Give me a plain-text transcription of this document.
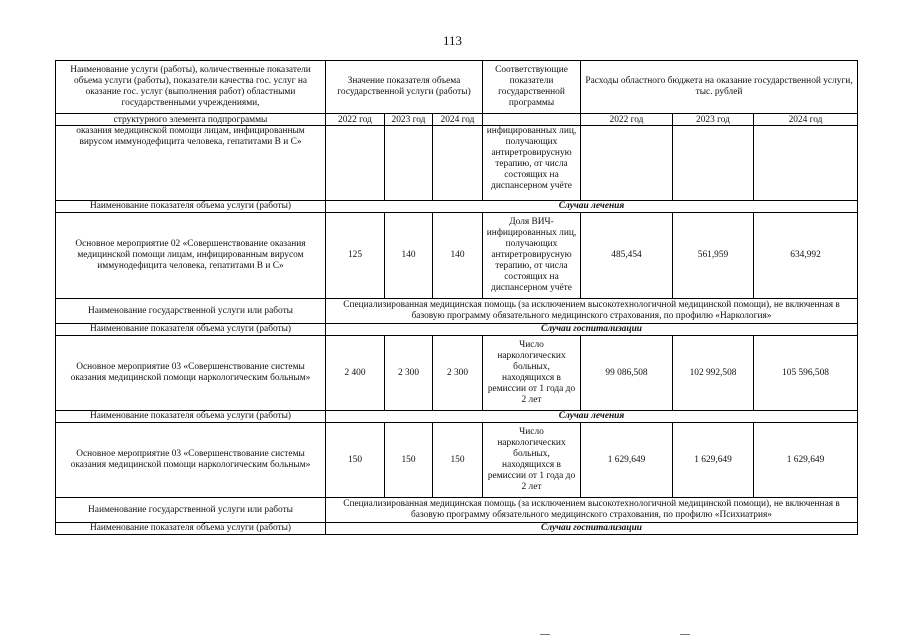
113
Наименование услуги (работы), количественные показатели объема услуги (работы), показатели качества гос. услуг на оказание гос. услуг (выполнения работ) областными государственными учреждениями,	Значение показателя объема государственной услуги (работы)			Соответствующие показатели государственной программы	Расходы областного бюджета на оказание государственной услуги, тыс. рублей		
структурного элемента подпрограммы	2022 год	2023 год	2024 год		2022 год	2023 год	2024 год
оказания медицинской помощи лицам, инфицированным вирусом иммунодефицита человека, гепатитами В и С»				инфицированных лиц, получающих антиретровирусную терапию, от числа состоящих на диспансерном учёте			
Наименование показателя объема услуги (работы)	Случаи лечения						
Основное мероприятие 02 «Совершенствование оказания медицинской помощи лицам, инфицированным вирусом иммунодефицита человека, гепатитами В и С»	125	140	140	Доля ВИЧ-инфицированных лиц, получающих антиретровирусную терапию, от числа состоящих на диспансерном учёте	485,454	561,959	634,992
Наименование государственной услуги или работы	Специализированная медицинская помощь (за исключением высокотехнологичной медицинской помощи), не включенная в базовую программу обязательного медицинского страхования, по профилю «Наркология»						
Наименование показателя объема услуги (работы)	Случаи госпитализации						
Основное мероприятие 03 «Совершенствование системы оказания медицинской помощи наркологическим больным»	2 400	2 300	2 300	Число наркологических больных, находящихся в ремиссии от 1 года до 2 лет	99 086,508	102 992,508	105 596,508
Наименование показателя объема услуги (работы)	Случаи лечения						
Основное мероприятие 03 «Совершенствование системы оказания медицинской помощи наркологическим больным»	150	150	150	Число наркологических больных, находящихся в ремиссии от 1 года до 2 лет	1 629,649	1 629,649	1 629,649
Наименование государственной услуги или работы	Специализированная медицинская помощь (за исключением высокотехнологичной медицинской помощи), не включенная в базовую программу обязательного медицинского страхования, по профилю «Психиатрия»						
Наименование показателя объема услуги (работы)	Случаи госпитализации						
